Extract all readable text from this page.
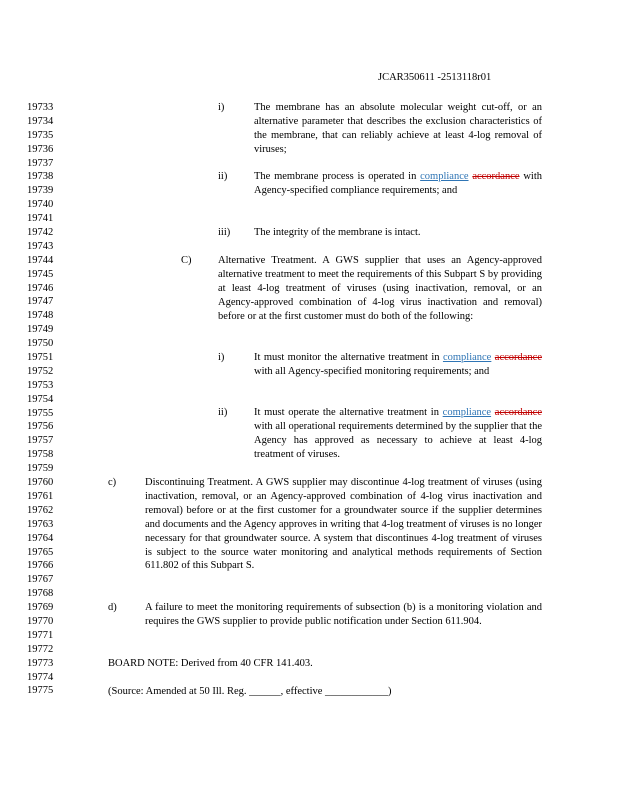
JCAR350611 -2513118r01
19733
19734
19735
19736
19737
19738
19739
19740
19741
19742
19743
19744
19745
19746
19747
19748
19749
19750
19751
19752
19753
19754
19755
19756
19757
19758
19759
19760
19761
19762
19763
19764
19765
19766
19767
19768
19769
19770
19771
19772
19773
19774
19775
i)	The membrane has an absolute molecular weight cut-off, or an alternative parameter that describes the exclusion characteristics of the membrane, that can reliably achieve at least 4-log removal of viruses;
ii)	The membrane process is operated in compliance accordance with Agency-specified compliance requirements; and
iii) The integrity of the membrane is intact.
C)	Alternative Treatment. A GWS supplier that uses an Agency-approved alternative treatment to meet the requirements of this Subpart S by providing at least 4-log treatment of viruses (using inactivation, removal, or an Agency-approved combination of 4-log virus inactivation and removal) before or at the first customer must do both of the following:
i)	It must monitor the alternative treatment in compliance accordance with all Agency-specified monitoring requirements; and
ii)	It must operate the alternative treatment in compliance accordance with all operational requirements determined by the supplier that the Agency has approved as necessary to achieve at least 4-log treatment of viruses.
c)	Discontinuing Treatment. A GWS supplier may discontinue 4-log treatment of viruses (using inactivation, removal, or an Agency-approved combination of 4-log virus inactivation and removal) before or at the first customer for a groundwater source if the supplier determines and documents and the Agency approves in writing that 4-log treatment of viruses is no longer necessary for that groundwater source. A system that discontinues 4-log treatment of viruses is subject to the source water monitoring and analytical methods requirements of Section 611.802 of this Subpart S.
d)	A failure to meet the monitoring requirements of subsection (b) is a monitoring violation and requires the GWS supplier to provide public notification under Section 611.904.
BOARD NOTE: Derived from 40 CFR 141.403.
(Source: Amended at 50 Ill. Reg. ______, effective ____________)
